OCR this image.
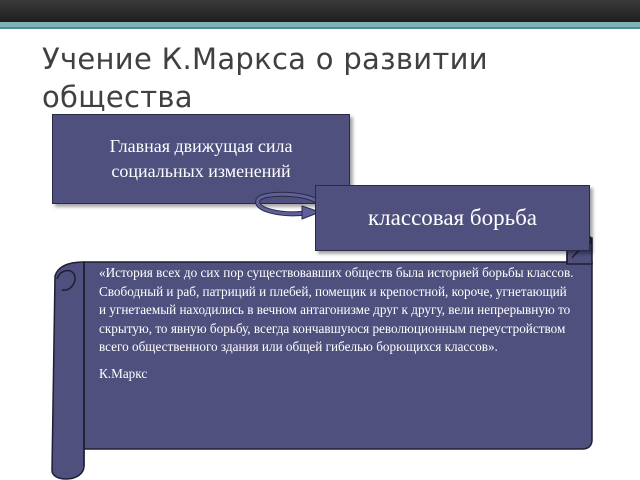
Учение К.Маркса о развитии общества
Главная движущая сила социальных изменений
классовая борьба

«История всех до сих пор существовавших обществ была историей борьбы классов. Свободный и раб, патриций и плебей, помещик и крепостной, короче, угнетающий и угнетаемый находились в вечном антагонизме друг к другу, вели непрерывную то скрытую, то явную борьбу, всегда кончавшуюся революционным переустройством всего общественного здания или общей гибелью борющихся классов».

К.Маркс
